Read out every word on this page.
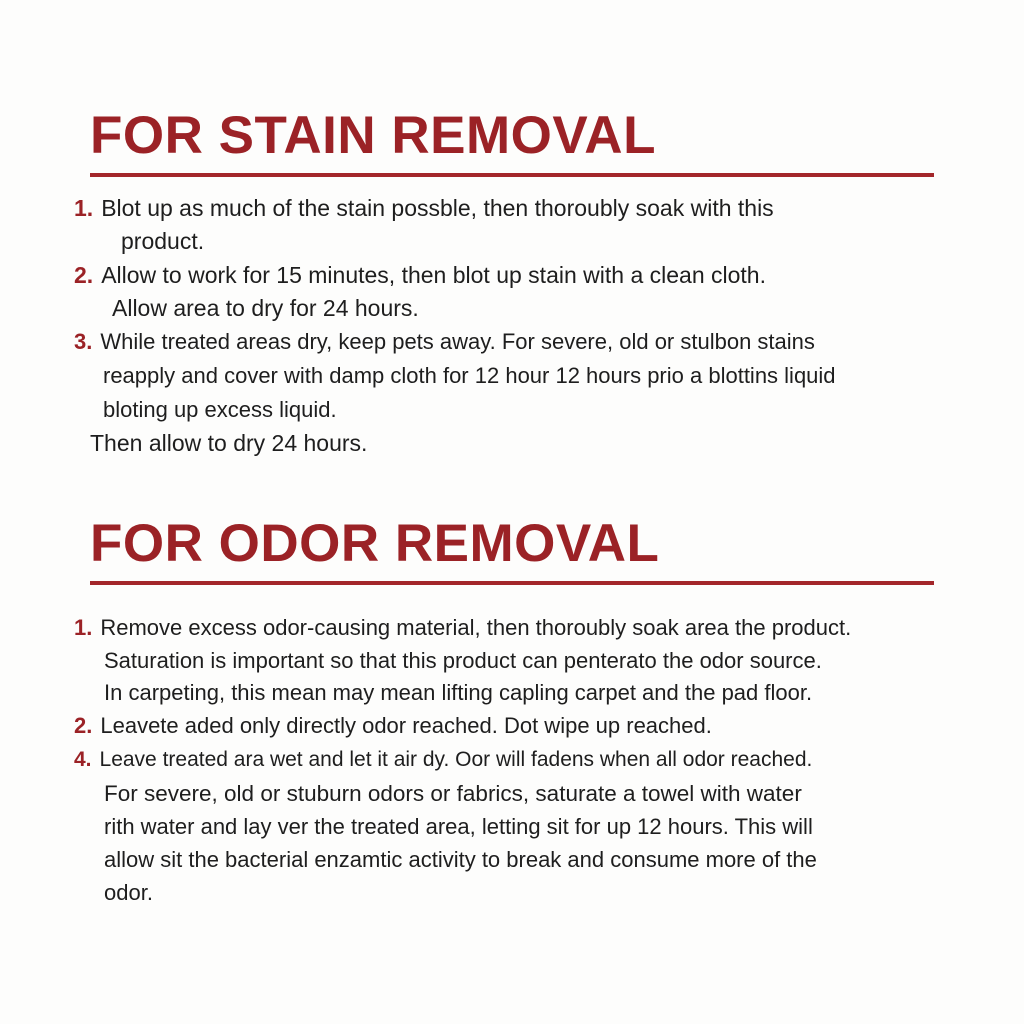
FOR STAIN REMOVAL
1. Blot up as much of the stain possble, then thoroubly soak with this
product.
2. Allow to work for 15 minutes, then blot up stain with a clean cloth.
Allow area to dry for 24 hours.
3. While treated areas dry, keep pets away. For severe, old or stulbon stains
reapply and cover with damp cloth for 12 hour 12 hours prio a blottins liquid
bloting up excess liquid.
Then allow to dry 24 hours.
FOR ODOR REMOVAL
1. Remove excess odor-causing material, then thoroubly soak area the product.
Saturation is important so that this product can penterato the odor source.
In carpeting, this mean may mean lifting capling carpet and the pad floor.
2. Leavete aded only directly odor reached. Dot wipe up reached.
4. Leave treated ara wet and let it air dy. Oor will fadens when all odor reached.
For severe, old or stuburn odors or fabrics, saturate a towel with water
rith water and lay ver the treated area, letting sit for up 12 hours. This will
allow sit the bacterial enzamtic activity to break and consume more of the
odor.
